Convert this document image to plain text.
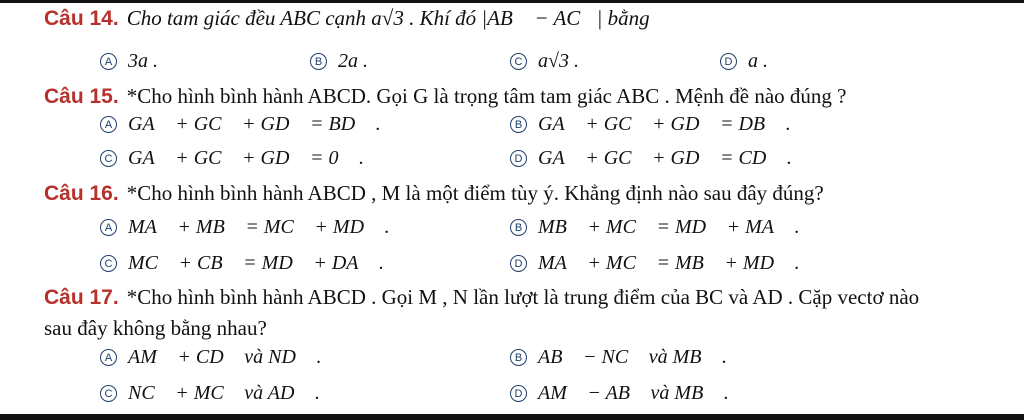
Câu 14. Cho tam giác đều ABC cạnh a√3 . Khí đó |AB⃗ − AC⃗| bằng
A 3a .	B 2a .	C a√3 .	D a .
Câu 15. *Cho hình bình hành ABCD. Gọi G là trọng tâm tam giác ABC . Mệnh đề nào đúng ?
A GA⃗ + GC⃗ + GD⃗ = BD⃗ .	B GA⃗ + GC⃗ + GD⃗ = DB⃗ .
C GA⃗ + GC⃗ + GD⃗ = 0⃗ .	D GA⃗ + GC⃗ + GD⃗ = CD⃗ .
Câu 16. *Cho hình bình hành ABCD , M là một điểm tùy ý. Khẳng định nào sau đây đúng?
A MA⃗ + MB⃗ = MC⃗ + MD⃗ .	B MB⃗ + MC⃗ = MD⃗ + MA⃗ .
C MC⃗ + CB⃗ = MD⃗ + DA⃗ .	D MA⃗ + MC⃗ = MB⃗ + MD⃗ .
Câu 17. *Cho hình bình hành ABCD . Gọi M , N lần lượt là trung điểm của BC và AD . Cặp vectơ nào
sau đây không bằng nhau?
A AM⃗ + CD⃗ và ND⃗ .	B AB⃗ − NC⃗ và MB⃗ .
C NC⃗ + MC⃗ và AD⃗ .	D AM⃗ − AB⃗ và MB⃗ .
